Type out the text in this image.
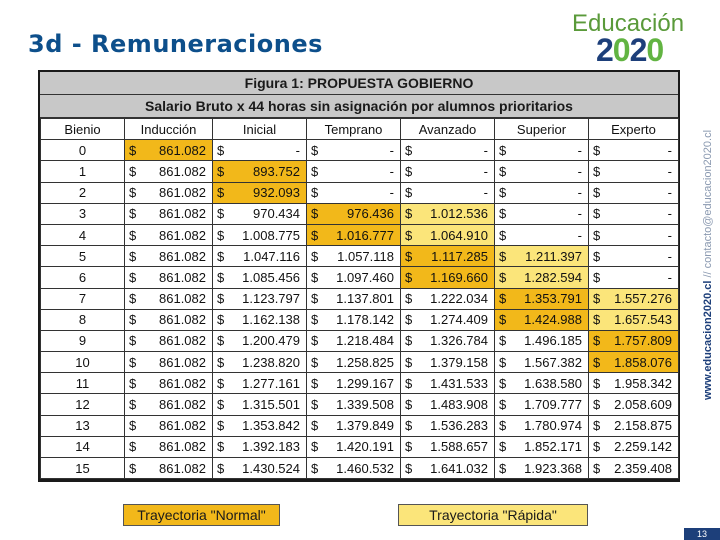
3d - Remuneraciones
Educación
2020
www.educacion2020.cl // contacto@educacion2020.cl
Figura 1: PROPUESTA GOBIERNO
Salario Bruto x 44 horas sin asignación por alumnos prioritarios
Bienio	Inducción	Inicial	Temprano	Avanzado	Superior	Experto
0	$ 861.082	$ -	$ -	$ -	$ -	$ -

1	$ 861.082	$ 893.752	$ -	$ -	$ -	$ -

2	$ 861.082	$ 932.093	$ -	$ -	$ -	$ -

3	$ 861.082	$ 970.434	$ 976.436	$ 1.012.536	$ -	$ -

4	$ 861.082	$ 1.008.775	$ 1.016.777	$ 1.064.910	$ -	$ -

5	$ 861.082	$ 1.047.116	$ 1.057.118	$ 1.117.285	$ 1.211.397	$ -

6	$ 861.082	$ 1.085.456	$ 1.097.460	$ 1.169.660	$ 1.282.594	$ -

7	$ 861.082	$ 1.123.797	$ 1.137.801	$ 1.222.034	$ 1.353.791	$ 1.557.276

8	$ 861.082	$ 1.162.138	$ 1.178.142	$ 1.274.409	$ 1.424.988	$ 1.657.543

9	$ 861.082	$ 1.200.479	$ 1.218.484	$ 1.326.784	$ 1.496.185	$ 1.757.809

10	$ 861.082	$ 1.238.820	$ 1.258.825	$ 1.379.158	$ 1.567.382	$ 1.858.076

11	$ 861.082	$ 1.277.161	$ 1.299.167	$ 1.431.533	$ 1.638.580	$ 1.958.342

12	$ 861.082	$ 1.315.501	$ 1.339.508	$ 1.483.908	$ 1.709.777	$ 2.058.609

13	$ 861.082	$ 1.353.842	$ 1.379.849	$ 1.536.283	$ 1.780.974	$ 2.158.875

14	$ 861.082	$ 1.392.183	$ 1.420.191	$ 1.588.657	$ 1.852.171	$ 2.259.142

15	$ 861.082	$ 1.430.524	$ 1.460.532	$ 1.641.032	$ 1.923.368	$ 2.359.408
Trayectoria "Normal"	Trayectoria "Rápida"
13
